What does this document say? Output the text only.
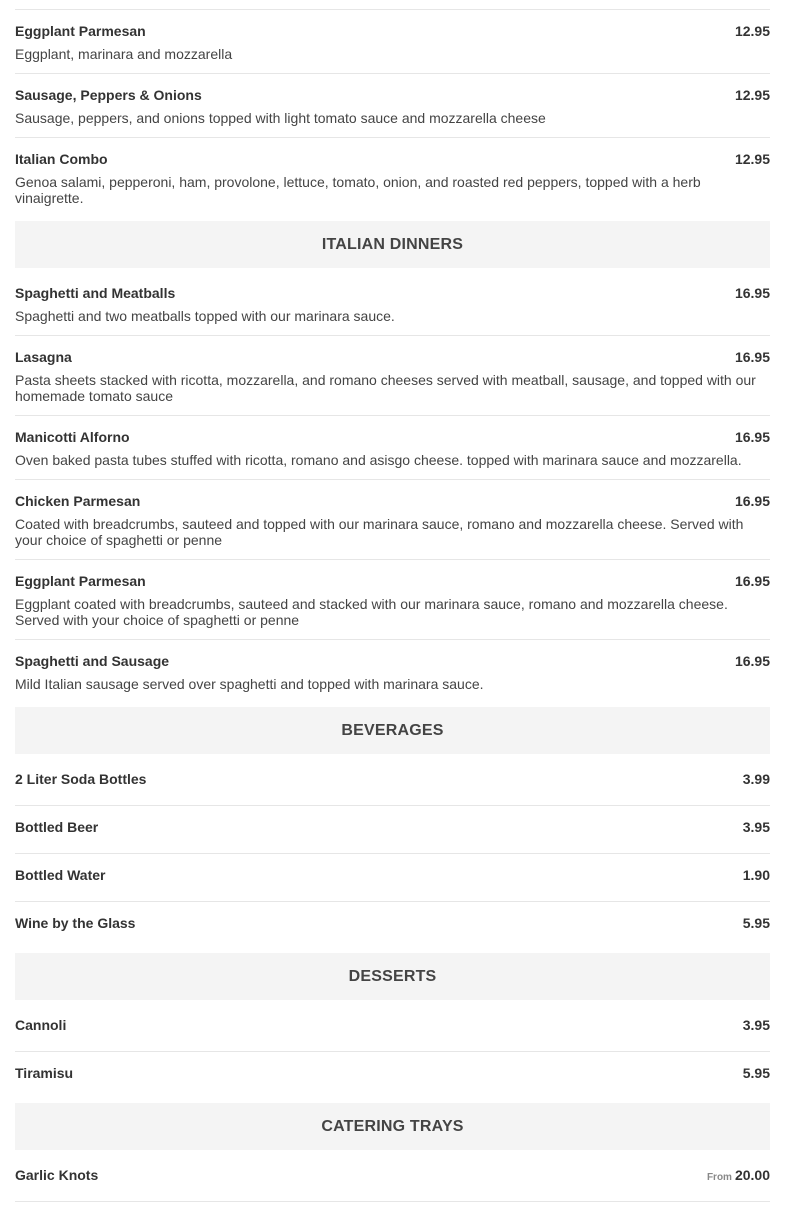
Eggplant Parmesan	12.95
Eggplant, marinara and mozzarella
Sausage, Peppers & Onions	12.95
Sausage, peppers, and onions topped with light tomato sauce and mozzarella cheese
Italian Combo	12.95
Genoa salami, pepperoni, ham, provolone, lettuce, tomato, onion, and roasted red peppers, topped with a herb vinaigrette.
ITALIAN DINNERS
Spaghetti and Meatballs	16.95
Spaghetti and two meatballs topped with our marinara sauce.
Lasagna	16.95
Pasta sheets stacked with ricotta, mozzarella, and romano cheeses served with meatball, sausage, and topped with our homemade tomato sauce
Manicotti Alforno	16.95
Oven baked pasta tubes stuffed with ricotta, romano and asisgo cheese. topped with marinara sauce and mozzarella.
Chicken Parmesan	16.95
Coated with breadcrumbs, sauteed and topped with our marinara sauce, romano and mozzarella cheese. Served with your choice of spaghetti or penne
Eggplant Parmesan	16.95
Eggplant coated with breadcrumbs, sauteed and stacked with our marinara sauce, romano and mozzarella cheese. Served with your choice of spaghetti or penne
Spaghetti and Sausage	16.95
Mild Italian sausage served over spaghetti and topped with marinara sauce.
BEVERAGES
2 Liter Soda Bottles	3.99
Bottled Beer	3.95
Bottled Water	1.90
Wine by the Glass	5.95
DESSERTS
Cannoli	3.95
Tiramisu	5.95
CATERING TRAYS
Garlic Knots	From 20.00
